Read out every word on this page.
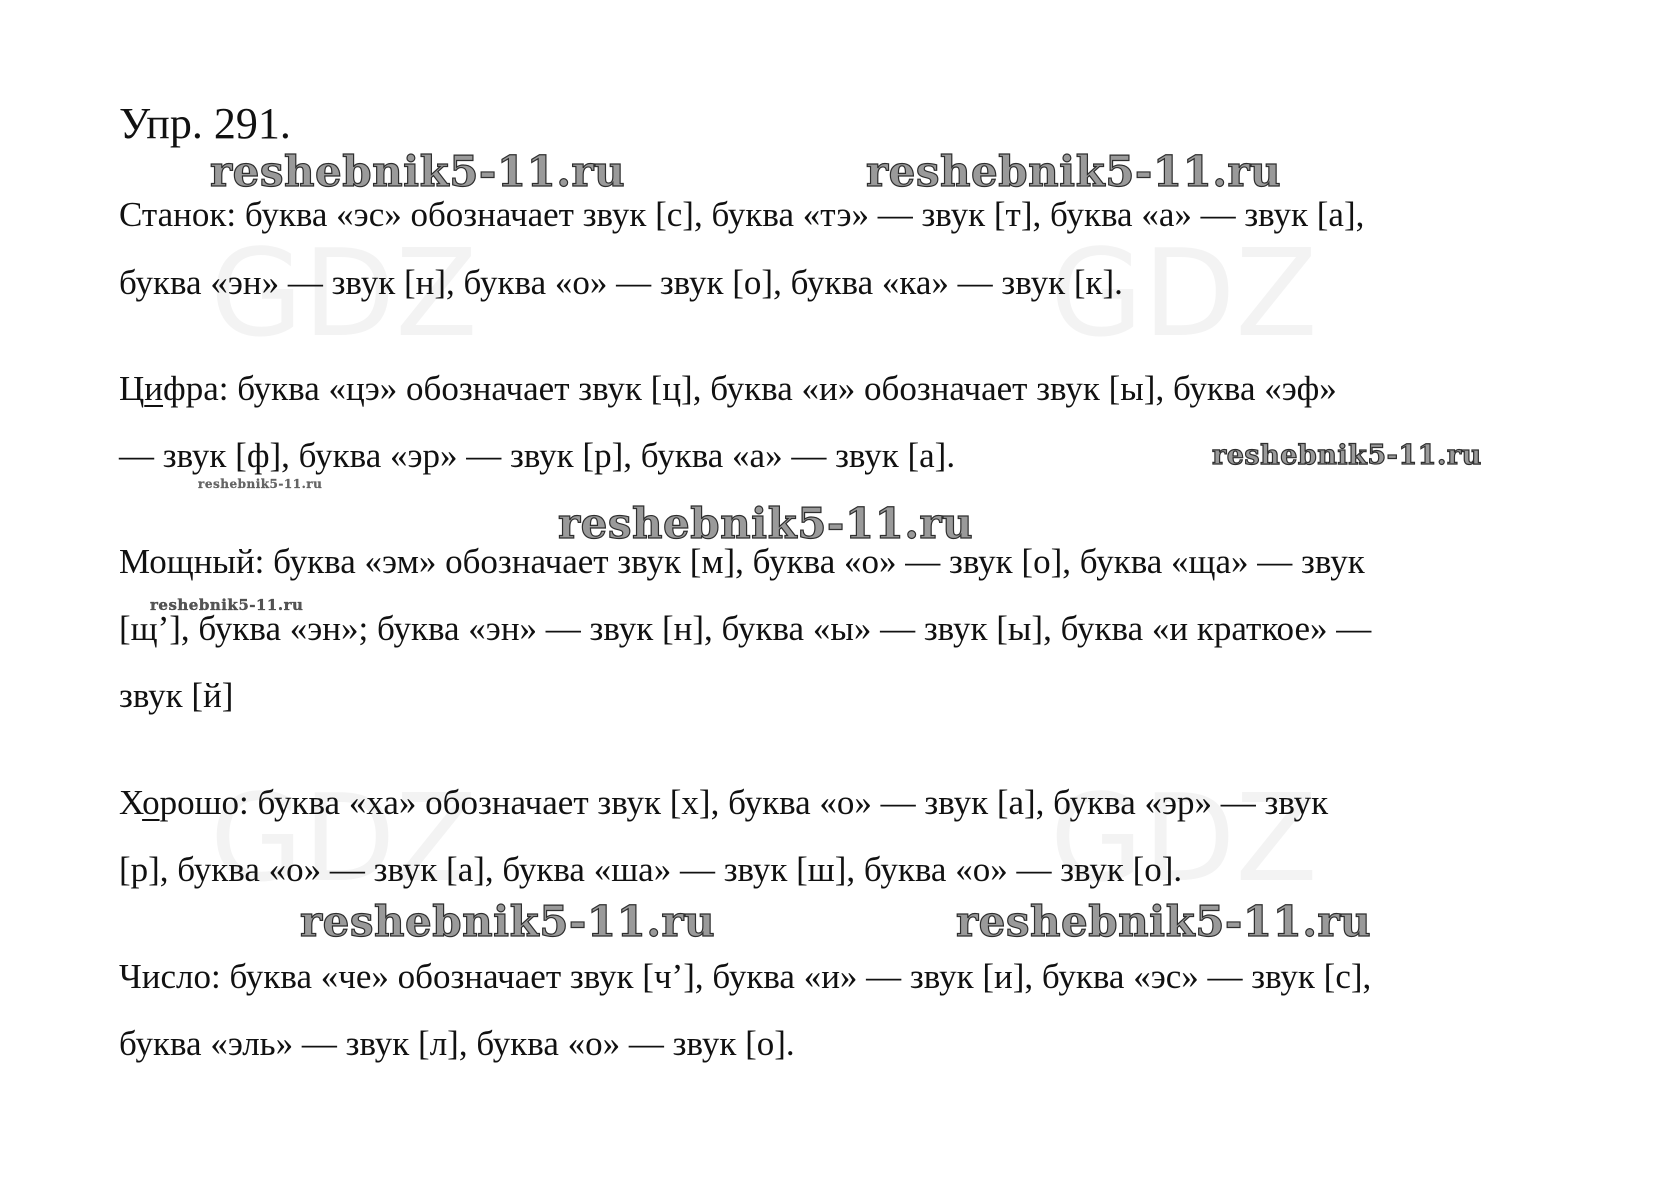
GDZ	GDZ
GDZ	GDZ
Упр. 291.
Станок: буква «эс» обозначает звук [с], буква «тэ» — звук [т], буква «а» — звук [а],
буква «эн» — звук [н], буква «о» — звук [о], буква «ка» — звук [к].
Цифра: буква «цэ» обозначает звук [ц], буква «и» обозначает звук [ы], буква «эф»
— звук [ф], буква «эр» — звук [р], буква «а» — звук [а].
Мощный: буква «эм» обозначает звук [м], буква «о» — звук [о], буква «ща» — звук
[щ’], буква «эн»; буква «эн» — звук [н], буква «ы» — звук [ы], буква «и краткое» —
звук [й]
Хорошо: буква «ха» обозначает звук [х], буква «о» — звук [а], буква «эр» — звук
[р], буква «о» — звук [а], буква «ша» — звук [ш], буква «о» — звук [о].
Число: буква «че» обозначает звук [ч’], буква «и» — звук [и], буква «эс» — звук [с],
буква «эль» — звук [л], буква «о» — звук [о].
reshebnik5-11.ru	reshebnik5-11.ru
reshebnik5-11.ru
reshebnik5-11.ru
reshebnik5-11.ru
reshebnik5-11.ru
reshebnik5-11.ru	reshebnik5-11.ru
